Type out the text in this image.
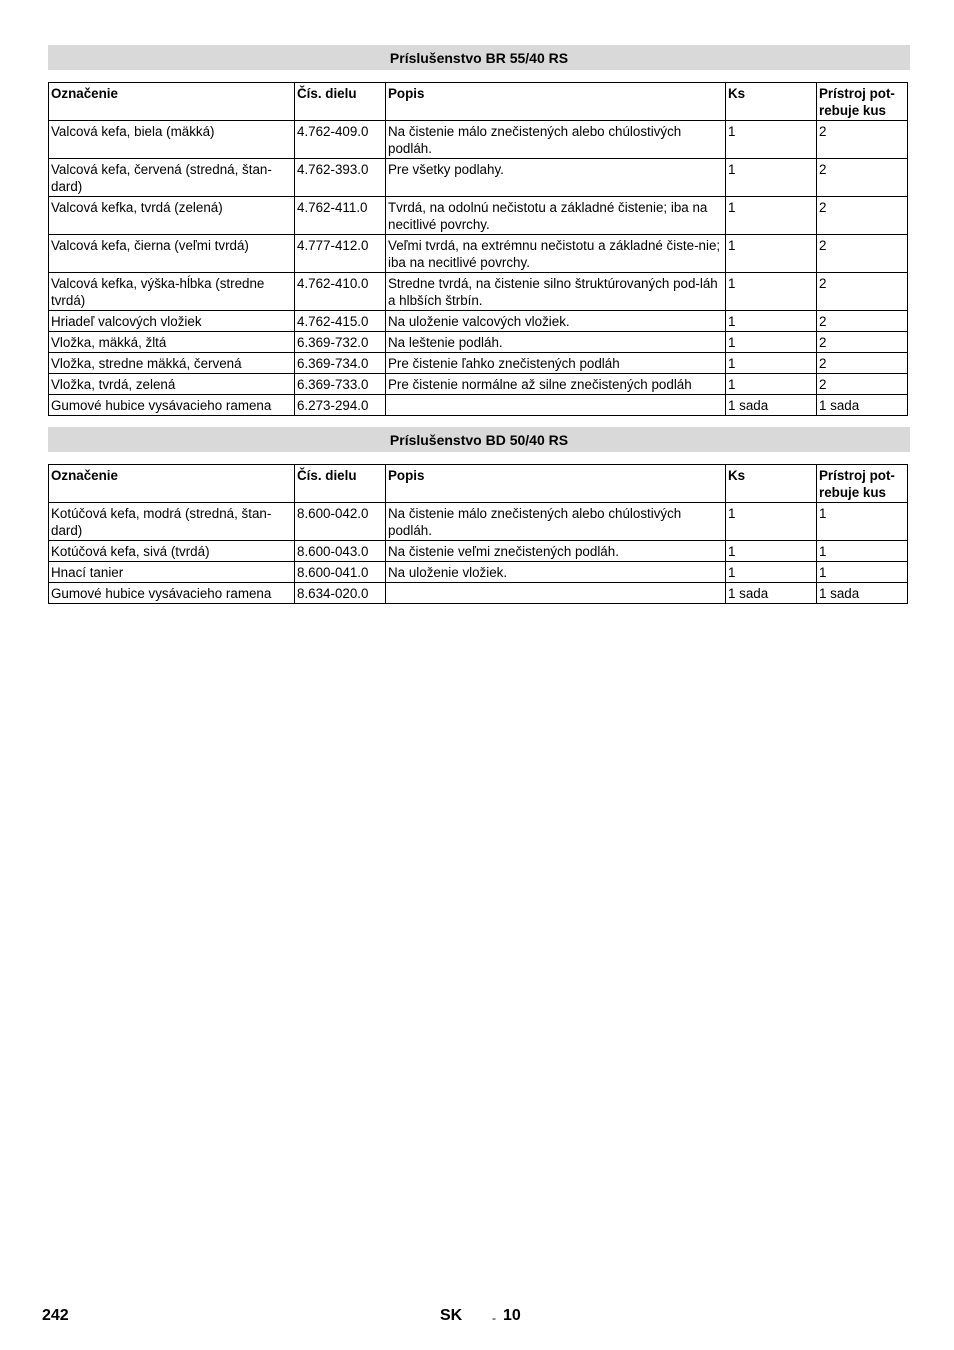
Príslušenstvo BR 55/40 RS
Označenie	Čís. dielu	Popis	Ks	Prístroj pot-
rebuje kus
Valcová kefa, biela (mäkká)	4.762-409.0	Na čistenie málo znečistených alebo chúlostivých podláh.	1	2
Valcová kefa, červená (stredná, štan-dard)	4.762-393.0	Pre všetky podlahy.	1	2
Valcová kefka, tvrdá (zelená)	4.762-411.0	Tvrdá, na odolnú nečistotu a základné čistenie; iba na necitlivé povrchy.	1	2
Valcová kefa, čierna (veľmi tvrdá)	4.777-412.0	Veľmi tvrdá, na extrémnu nečistotu a základné čiste-nie; iba na necitlivé povrchy.	1	2
Valcová kefka, výška-hĺbka (stredne tvrdá)	4.762-410.0	Stredne tvrdá, na čistenie silno štruktúrovaných pod-láh a hlbších štrbín.	1	2
Hriadeľ valcových vložiek	4.762-415.0	Na uloženie valcových vložiek.	1	2
Vložka, mäkká, žltá	6.369-732.0	Na leštenie podláh.	1	2
Vložka, stredne mäkká, červená	6.369-734.0	Pre čistenie ľahko znečistených podláh	1	2
Vložka, tvrdá, zelená	6.369-733.0	Pre čistenie normálne až silne znečistených podláh	1	2
Gumové hubice vysávacieho ramena	6.273-294.0		1 sada	1 sada
Príslušenstvo BD 50/40 RS
Označenie	Čís. dielu	Popis	Ks	Prístroj pot-
rebuje kus
Kotúčová kefa, modrá (stredná, štan-dard)	8.600-042.0	Na čistenie málo znečistených alebo chúlostivých podláh.	1	1
Kotúčová kefa, sivá (tvrdá)	8.600-043.0	Na čistenie veľmi znečistených podláh.	1	1
Hnací tanier	8.600-041.0	Na uloženie vložiek.	1	1
Gumové hubice vysávacieho ramena	8.634-020.0		1 sada	1 sada
242	SK - 10
